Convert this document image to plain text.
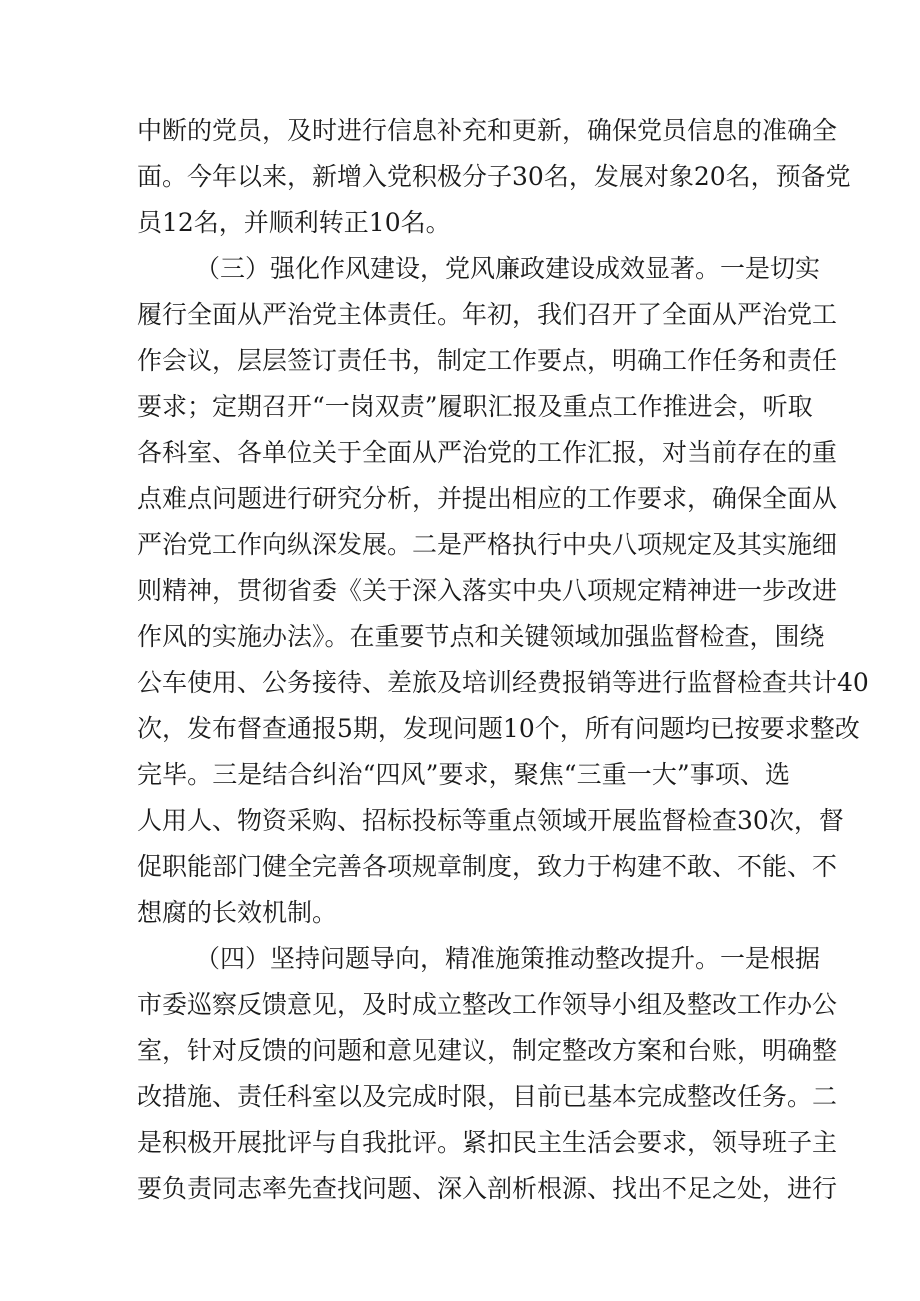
中断的党员，及时进行信息补充和更新，确保党员信息的准确全
面。今年以来，新增入党积极分子30名，发展对象20名，预备党
员12名，并顺利转正10名。
（三）强化作风建设，党风廉政建设成效显著。一是切实
履行全面从严治党主体责任。年初，我们召开了全面从严治党工
作会议，层层签订责任书，制定工作要点，明确工作任务和责任
要求；定期召开“一岗双责”履职汇报及重点工作推进会，听取
各科室、各单位关于全面从严治党的工作汇报，对当前存在的重
点难点问题进行研究分析，并提出相应的工作要求，确保全面从
严治党工作向纵深发展。二是严格执行中央八项规定及其实施细
则精神，贯彻省委《关于深入落实中央八项规定精神进一步改进
作风的实施办法》。在重要节点和关键领域加强监督检查，围绕
公车使用、公务接待、差旅及培训经费报销等进行监督检查共计40
次，发布督查通报5期，发现问题10个，所有问题均已按要求整改
完毕。三是结合纠治“四风”要求，聚焦“三重一大”事项、选
人用人、物资采购、招标投标等重点领域开展监督检查30次，督
促职能部门健全完善各项规章制度，致力于构建不敢、不能、不
想腐的长效机制。
（四）坚持问题导向，精准施策推动整改提升。一是根据
市委巡察反馈意见，及时成立整改工作领导小组及整改工作办公
室，针对反馈的问题和意见建议，制定整改方案和台账，明确整
改措施、责任科室以及完成时限，目前已基本完成整改任务。二
是积极开展批评与自我批评。紧扣民主生活会要求，领导班子主
要负责同志率先查找问题、深入剖析根源、找出不足之处，进行
